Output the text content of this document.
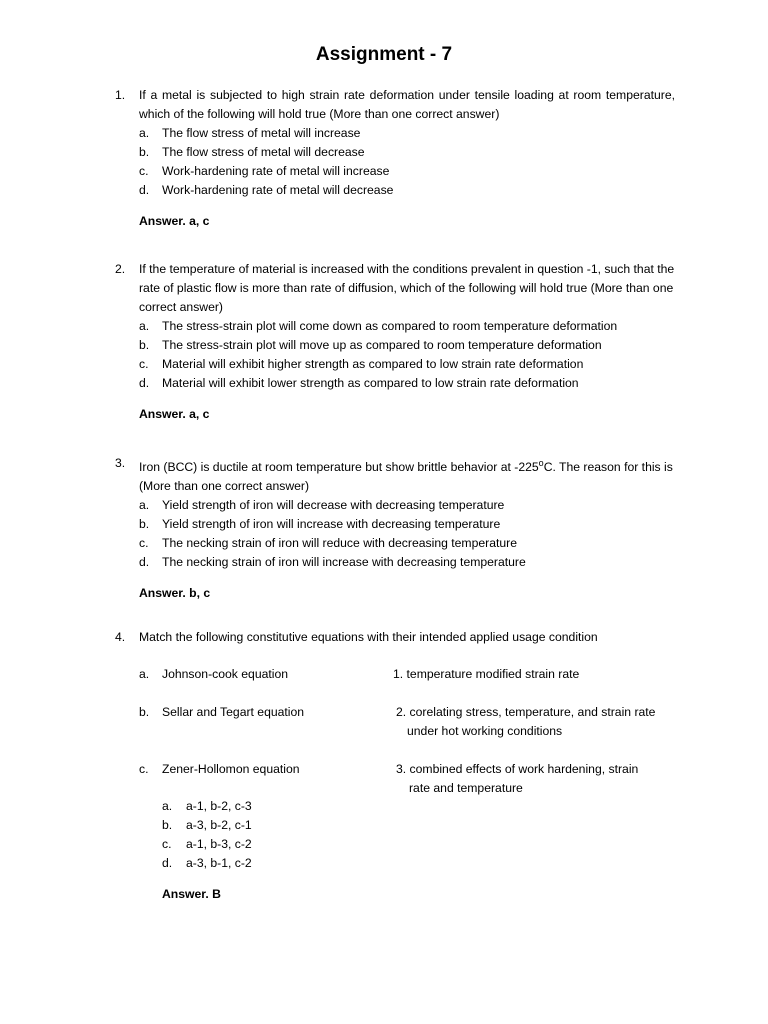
Assignment - 7
1.	If a metal is subjected to high strain rate deformation under tensile loading at room temperature, which of the following will hold true (More than one correct answer)
a.	The flow stress of metal will increase
b.	The flow stress of metal will decrease
c.	Work-hardening rate of metal will increase
d.	Work-hardening rate of metal will decrease
Answer. a, c
2.	If the temperature of material is increased with the conditions prevalent in question -1, such that the rate of plastic flow is more than rate of diffusion, which of the following will hold true (More than one correct answer)
a.	The stress-strain plot will come down as compared to room temperature deformation
b.	The stress-strain plot will move up as compared to room temperature deformation
c.	Material will exhibit higher strength as compared to low strain rate deformation
d.	Material will exhibit lower strength as compared to low strain rate deformation
Answer. a, c
3.	Iron (BCC) is ductile at room temperature but show brittle behavior at -225$^o$C. The reason for this is (More than one correct answer)
a.	Yield strength of iron will decrease with decreasing temperature
b.	Yield strength of iron will increase with decreasing temperature
c.	The necking strain of iron will reduce with decreasing temperature
d.	The necking strain of iron will increase with decreasing temperature
Answer. b, c
4.	Match the following constitutive equations with their intended applied usage condition
a. Johnson-cook equation	1. temperature modified strain rate
b. Sellar and Tegart equation	2. corelating stress, temperature, and strain rate
under hot working conditions
c. Zener-Hollomon equation	3. combined effects of work hardening, strain
rate and temperature
a.	a-1, b-2, c-3
b.	a-3, b-2, c-1
c.	a-1, b-3, c-2
d.	a-3, b-1, c-2
Answer. B
